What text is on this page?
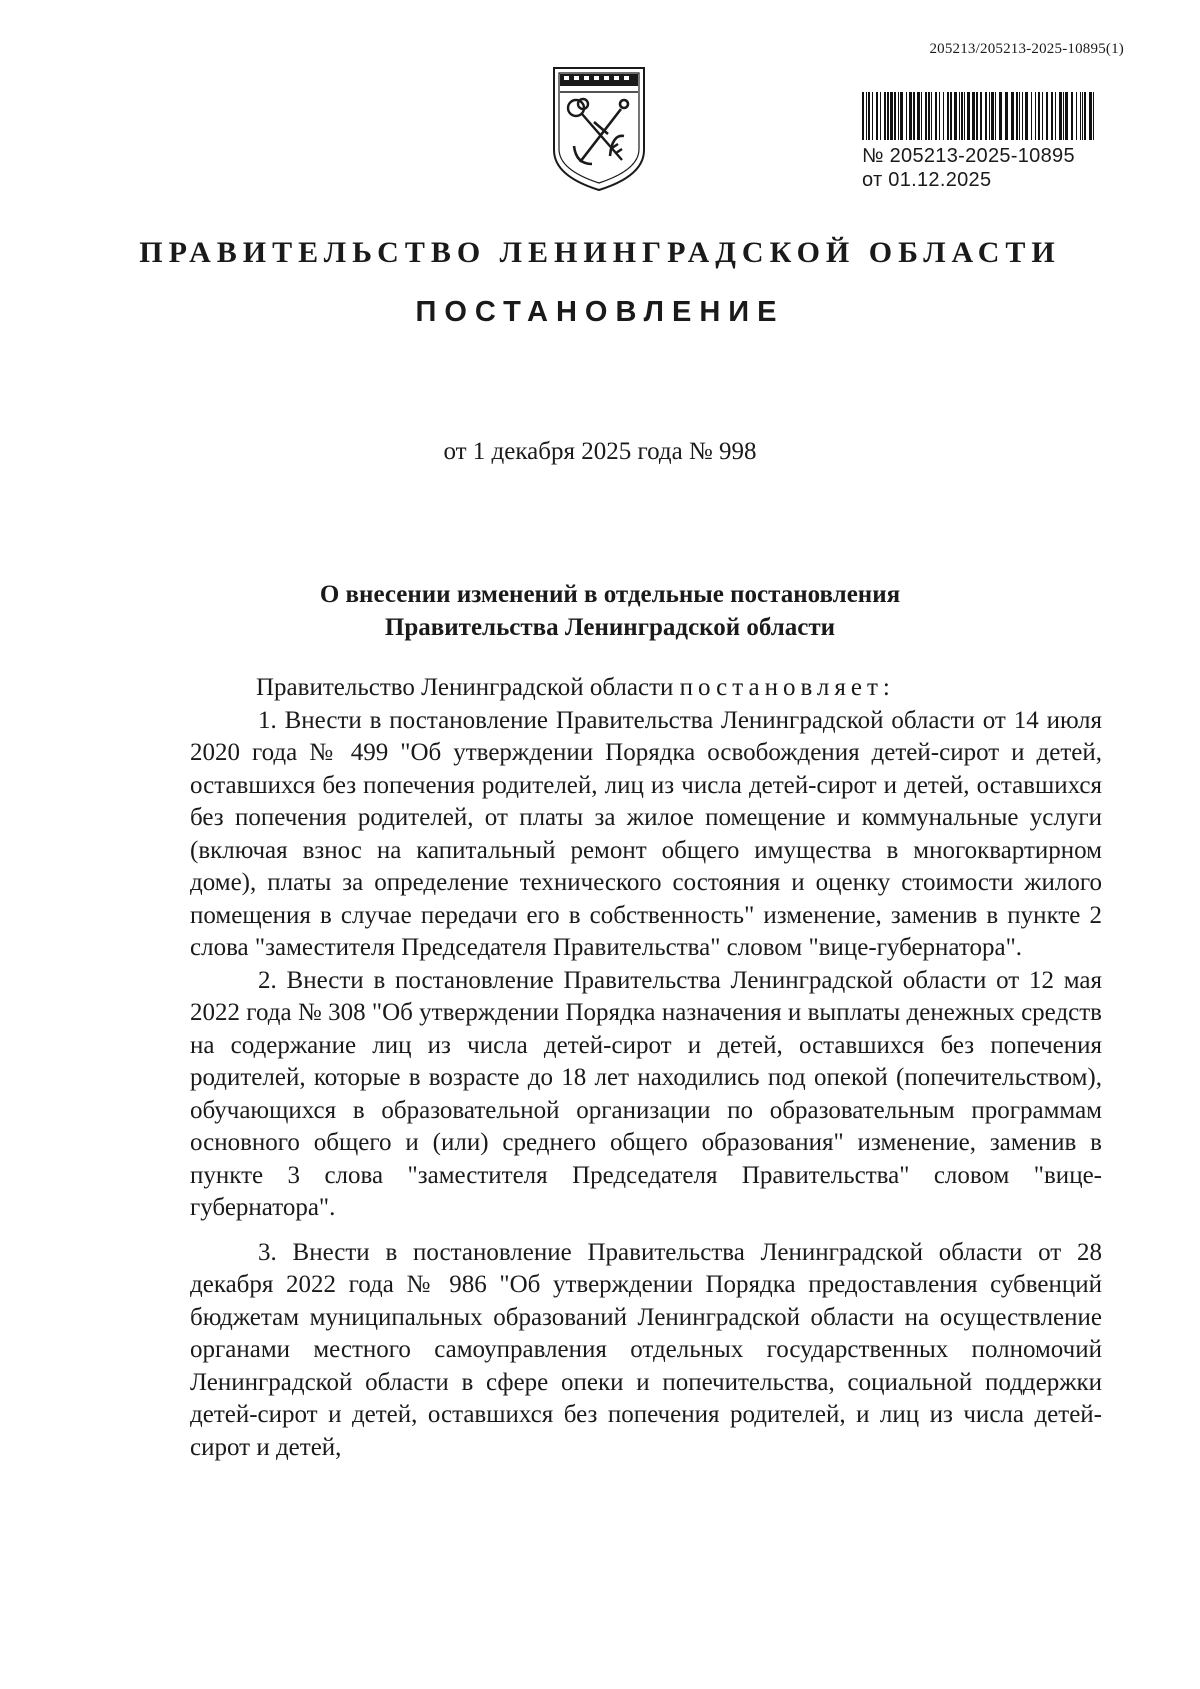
205213/205213-2025-10895(1)
№ 205213-2025-10895
от 01.12.2025
ПРАВИТЕЛЬСТВО ЛЕНИНГРАДСКОЙ ОБЛАСТИ
ПОСТАНОВЛЕНИЕ
от 1 декабря 2025 года № 998
О внесении изменений в отдельные постановления
Правительства Ленинградской области

Правительство Ленинградской области постановляет:

1. Внести в постановление Правительства Ленинградской области от 14 июля 2020 года № 499 "Об утверждении Порядка освобождения детей-сирот и детей, оставшихся без попечения родителей, лиц из числа детей-сирот и детей, оставшихся без попечения родителей, от платы за жилое помещение и коммунальные услуги (включая взнос на капитальный ремонт общего имущества в многоквартирном доме), платы за определение технического состояния и оценку стоимости жилого помещения в случае передачи его в собственность" изменение, заменив в пункте 2 слова "заместителя Председателя Правительства" словом "вице-губернатора".

2. Внести в постановление Правительства Ленинградской области от 12 мая 2022 года № 308 "Об утверждении Порядка назначения и выплаты денежных средств на содержание лиц из числа детей-сирот и детей, оставшихся без попечения родителей, которые в возрасте до 18 лет находились под опекой (попечительством), обучающихся в образовательной организации по образовательным программам основного общего и (или) среднего общего образования" изменение, заменив в пункте 3 слова "заместителя Председателя Правительства" словом "вице-губернатора".

3. Внести в постановление Правительства Ленинградской области от 28 декабря 2022 года № 986 "Об утверждении Порядка предоставления субвенций бюджетам муниципальных образований Ленинградской области на осуществление органами местного самоуправления отдельных государственных полномочий Ленинградской области в сфере опеки и попечительства, социальной поддержки детей-сирот и детей, оставшихся без попечения родителей, и лиц из числа детей-сирот и детей,
